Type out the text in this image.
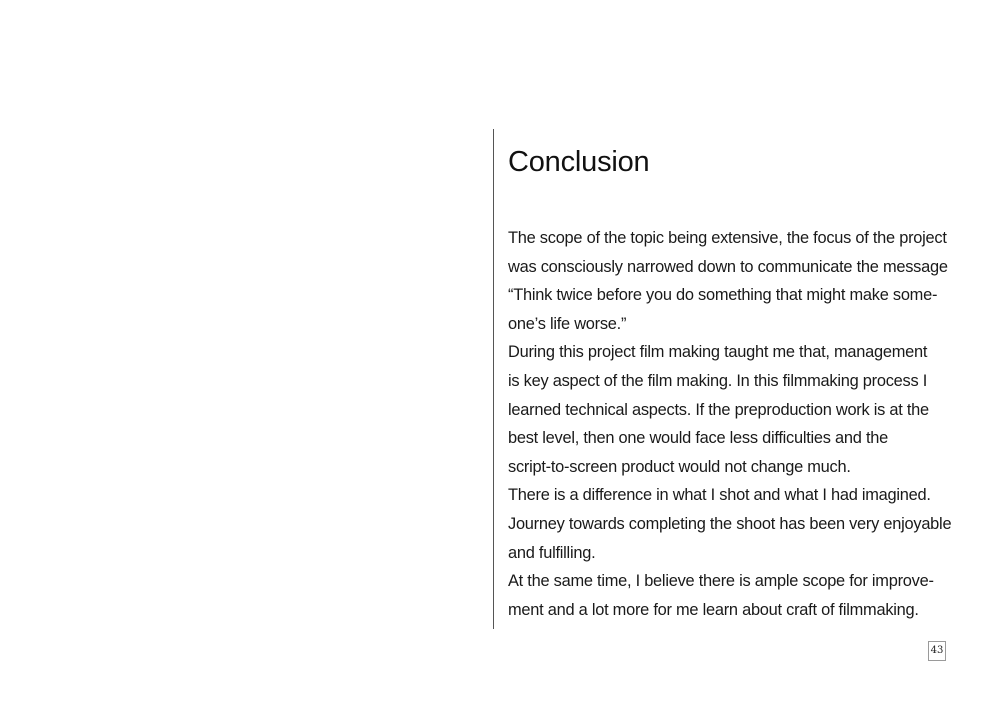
Conclusion
The scope of the topic being extensive, the focus of the project
was consciously narrowed down to communicate the message
“Think twice before you do something that might make some-
one’s life worse.”
During this project film making taught me that, management
is key aspect of the film making. In this filmmaking process I
learned technical aspects. If the preproduction work is at the
best level, then one would face less difficulties and the
script-to-screen product would not change much.
There is a difference in what I shot and what I had imagined.
Journey towards completing the shoot has been very enjoyable
and fulfilling.
At the same time, I believe there is ample scope for improve-
ment and a lot more for me learn about craft of filmmaking.
43
